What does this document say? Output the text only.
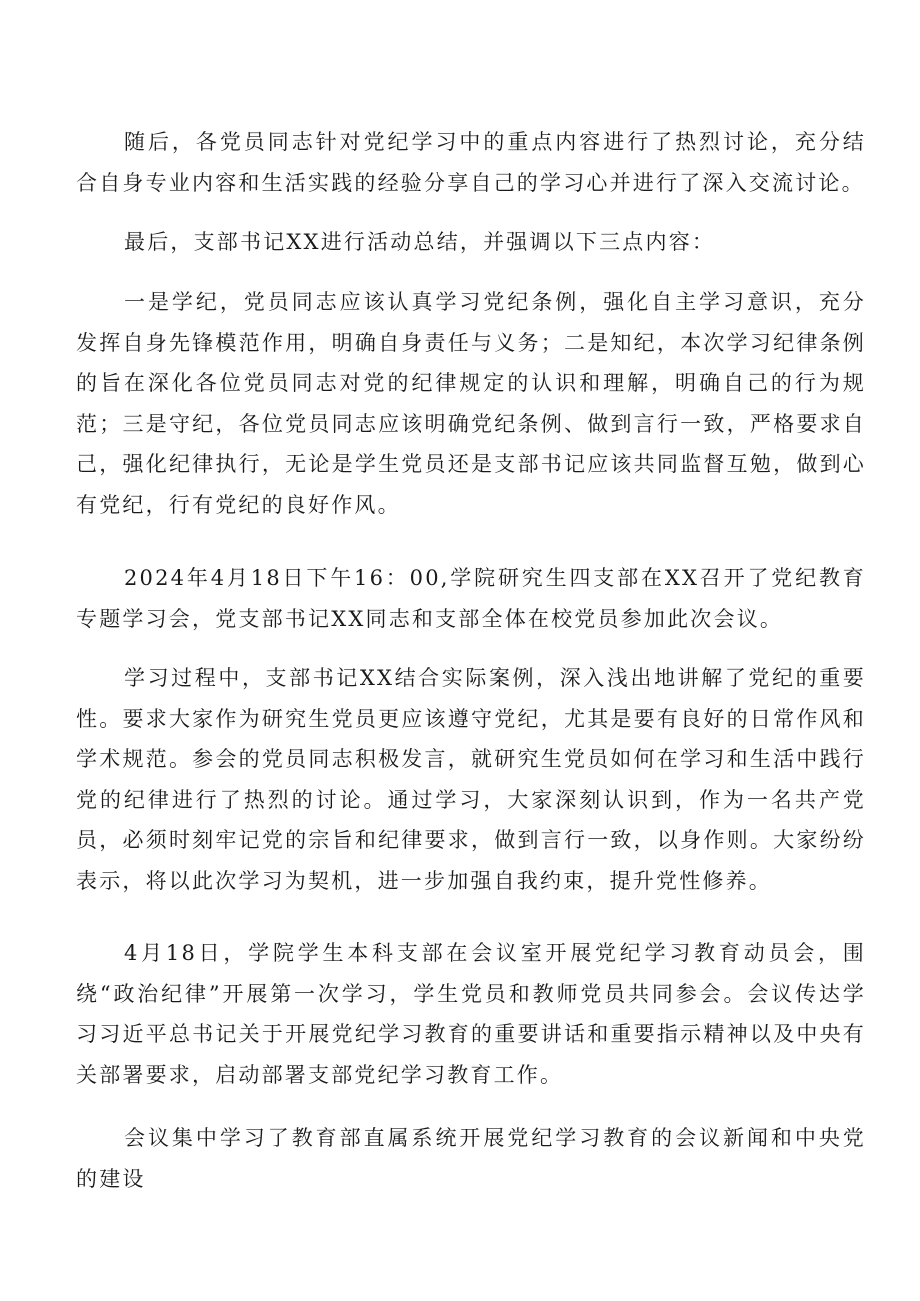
随后，各党员同志针对党纪学习中的重点内容进行了热烈讨论，充分结合自身专业内容和生活实践的经验分享自己的学习心并进行了深入交流讨论。

最后，支部书记XX进行活动总结，并强调以下三点内容：

一是学纪，党员同志应该认真学习党纪条例，强化自主学习意识，充分发挥自身先锋模范作用，明确自身责任与义务；二是知纪，本次学习纪律条例的旨在深化各位党员同志对党的纪律规定的认识和理解，明确自己的行为规范；三是守纪，各位党员同志应该明确党纪条例、做到言行一致，严格要求自己，强化纪律执行，无论是学生党员还是支部书记应该共同监督互勉，做到心有党纪，行有党纪的良好作风。

2024年4月18日下午16：00,学院研究生四支部在XX召开了党纪教育专题学习会，党支部书记XX同志和支部全体在校党员参加此次会议。

学习过程中，支部书记XX结合实际案例，深入浅出地讲解了党纪的重要性。要求大家作为研究生党员更应该遵守党纪，尤其是要有良好的日常作风和学术规范。参会的党员同志积极发言，就研究生党员如何在学习和生活中践行党的纪律进行了热烈的讨论。通过学习，大家深刻认识到，作为一名共产党员，必须时刻牢记党的宗旨和纪律要求，做到言行一致，以身作则。大家纷纷表示，将以此次学习为契机，进一步加强自我约束，提升党性修养。

4月18日，学院学生本科支部在会议室开展党纪学习教育动员会，围绕“政治纪律”开展第一次学习，学生党员和教师党员共同参会。会议传达学习习近平总书记关于开展党纪学习教育的重要讲话和重要指示精神以及中央有关部署要求，启动部署支部党纪学习教育工作。

会议集中学习了教育部直属系统开展党纪学习教育的会议新闻和中央党的建设
